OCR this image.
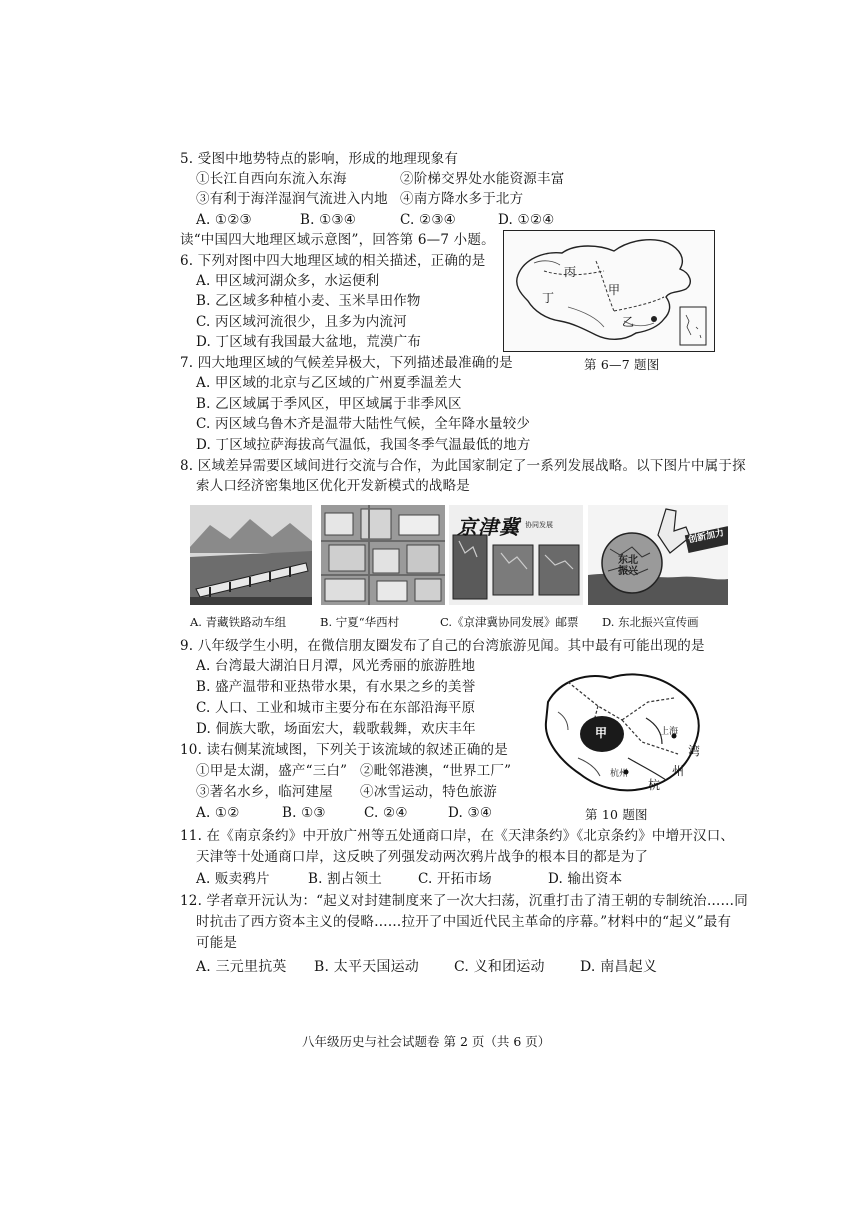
5. 受图中地势特点的影响，形成的地理现象有
①长江自西向东流入东海	②阶梯交界处水能资源丰富
③有利于海洋湿润气流进入内地 ④南方降水多于北方
A. ①②③	B. ①③④	C. ②③④	D. ①②④
读“中国四大地理区域示意图”，回答第 6—7 小题。
6. 下列对图中四大地理区域的相关描述，正确的是
A. 甲区域河湖众多，水运便利
B. 乙区域多种植小麦、玉米旱田作物
C. 丙区域河流很少，且多为内流河
D. 丁区域有我国最大盆地，荒漠广布
丙
丁
甲
乙
第 6—7 题图
7. 四大地理区域的气候差异极大，下列描述最准确的是
A. 甲区域的北京与乙区域的广州夏季温差大
B. 乙区域属于季风区，甲区域属于非季风区
C. 丙区域乌鲁木齐是温带大陆性气候，全年降水量较少
D. 丁区域拉萨海拔高气温低，我国冬季气温最低的地方
8. 区域差异需要区域间进行交流与合作，为此国家制定了一系列发展战略。以下图片中属于探
索人口经济密集地区优化开发新模式的战略是
京津冀 协同发展
东北振兴
创新加力
A. 青藏铁路动车组	B. 宁夏“华西村	C.《京津冀协同发展》邮票 D. 东北振兴宣传画
9. 八年级学生小明，在微信朋友圈发布了自己的台湾旅游见闻。其中最有可能出现的是
A. 台湾最大湖泊日月潭，风光秀丽的旅游胜地
B. 盛产温带和亚热带水果，有水果之乡的美誉
C. 人口、工业和城市主要分布在东部沿海平原
D. 侗族大歌，场面宏大，载歌载舞，欢庆丰年
10. 读右侧某流域图，下列关于该流域的叙述正确的是
①甲是太湖，盛产“三白” ②毗邻港澳，“世界工厂”
③著名水乡，临河建屋 ④冰雪运动，特色旅游
A. ①②	B. ①③	C. ②④	D. ③④
甲	上海
湾
州
杭
杭州
第 10 题图
11. 在《南京条约》中开放广州等五处通商口岸，在《天津条约》《北京条约》中增开汉口、
天津等十处通商口岸，这反映了列强发动两次鸦片战争的根本目的都是为了
A. 贩卖鸦片	B. 割占领土	C. 开拓市场	D. 输出资本
12. 学者章开沅认为：“起义对封建制度来了一次大扫荡，沉重打击了清王朝的专制统治……同
时抗击了西方资本主义的侵略……拉开了中国近代民主革命的序幕。”材料中的“起义”最有
可能是
A. 三元里抗英 B. 太平天国运动	C. 义和团运动	D. 南昌起义
八年级历史与社会试题卷 第 2 页（共 6 页）
